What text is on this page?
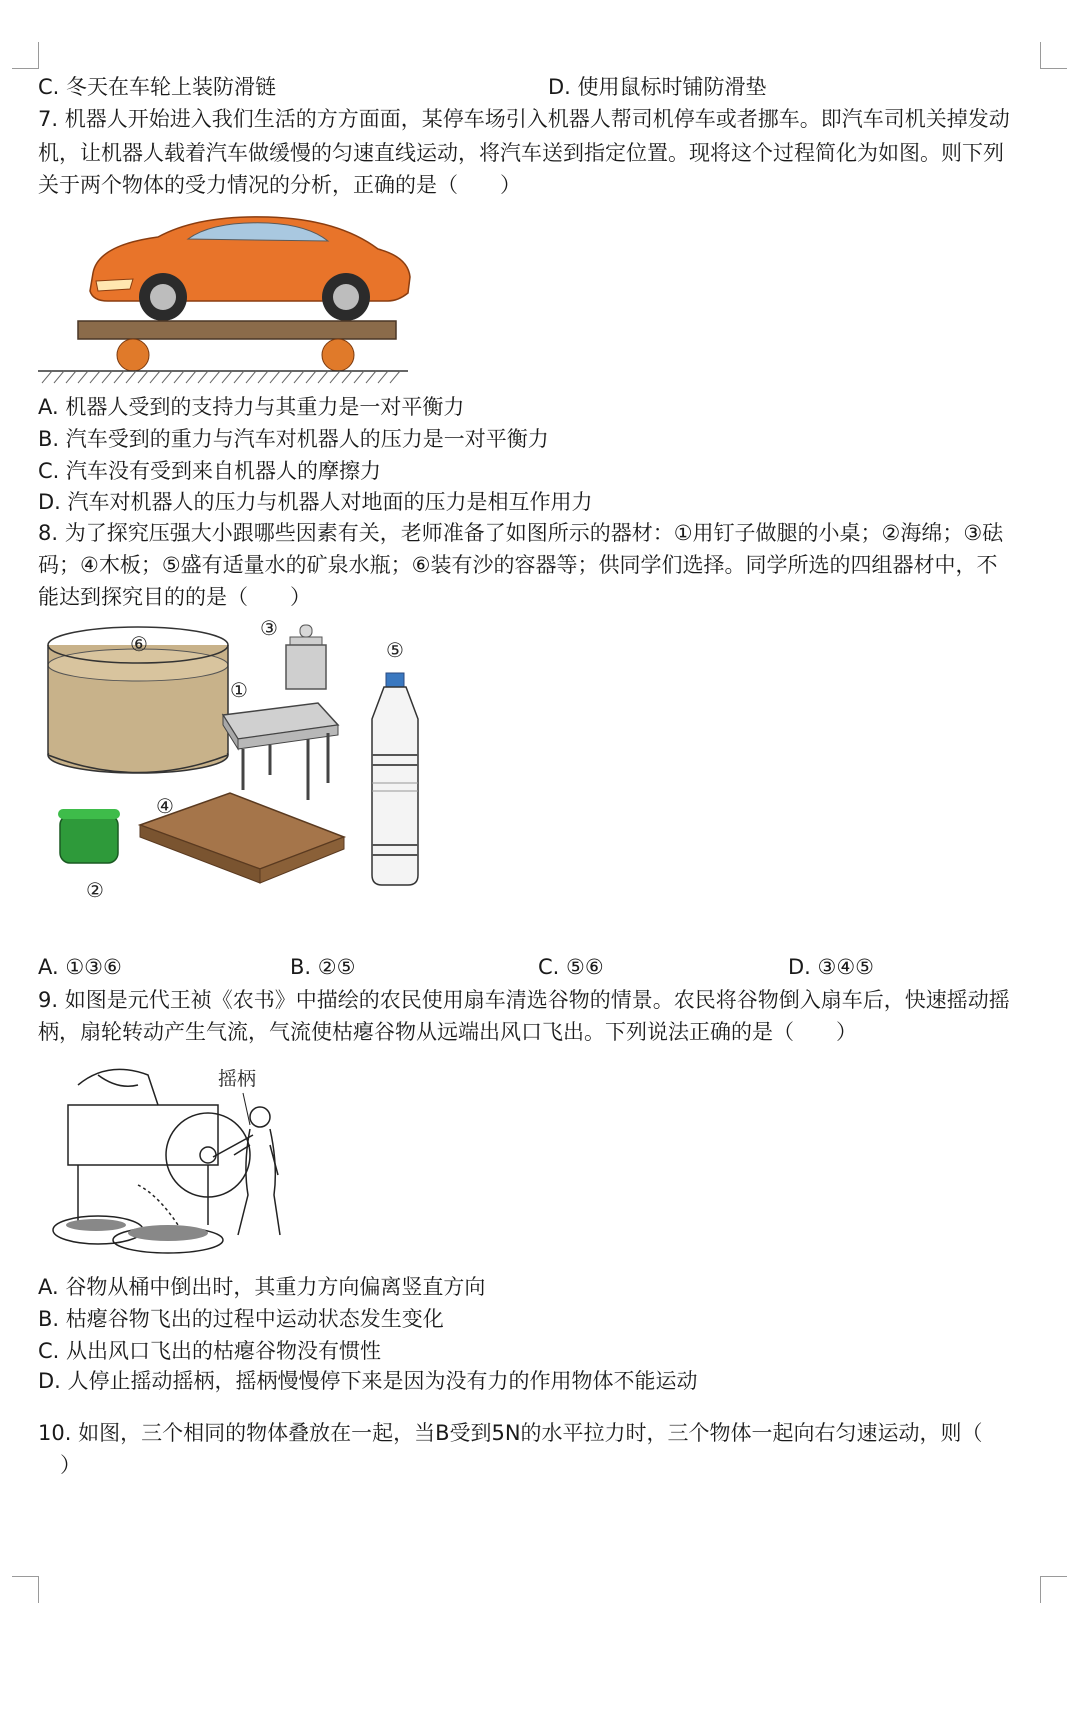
C. 冬天在车轮上装防滑链	D. 使用鼠标时铺防滑垫
7. 机器人开始进入我们生活的方方面面，某停车场引入机器人帮司机停车或者挪车。即汽车司机关掉发动
机，让机器人载着汽车做缓慢的匀速直线运动，将汽车送到指定位置。现将这个过程简化为如图。则下列
关于两个物体的受力情况的分析，正确的是（　　）
A. 机器人受到的支持力与其重力是一对平衡力
B. 汽车受到的重力与汽车对机器人的压力是一对平衡力
C. 汽车没有受到来自机器人的摩擦力
D. 汽车对机器人的压力与机器人对地面的压力是相互作用力
8. 为了探究压强大小跟哪些因素有关，老师准备了如图所示的器材：①用钉子做腿的小桌；②海绵；③砝
码；④木板；⑤盛有适量水的矿泉水瓶；⑥装有沙的容器等；供同学们选择。同学所选的四组器材中，不
能达到探究目的的是（　　）
⑥
③
①
⑤
②
④
A. ①③⑥	B. ②⑤	C. ⑤⑥	D. ③④⑤
9. 如图是元代王祯《农书》中描绘的农民使用扇车清选谷物的情景。农民将谷物倒入扇车后，快速摇动摇
柄，扇轮转动产生气流，气流使枯瘪谷物从远端出风口飞出。下列说法正确的是（　　）
摇柄
A. 谷物从桶中倒出时，其重力方向偏离竖直方向
B. 枯瘪谷物飞出的过程中运动状态发生变化
C. 从出风口飞出的枯瘪谷物没有惯性
D. 人停止摇动摇柄，摇柄慢慢停下来是因为没有力的作用物体不能运动
10. 如图，三个相同的物体叠放在一起，当B受到5N的水平拉力时，三个物体一起向右匀速运动，则（
）
